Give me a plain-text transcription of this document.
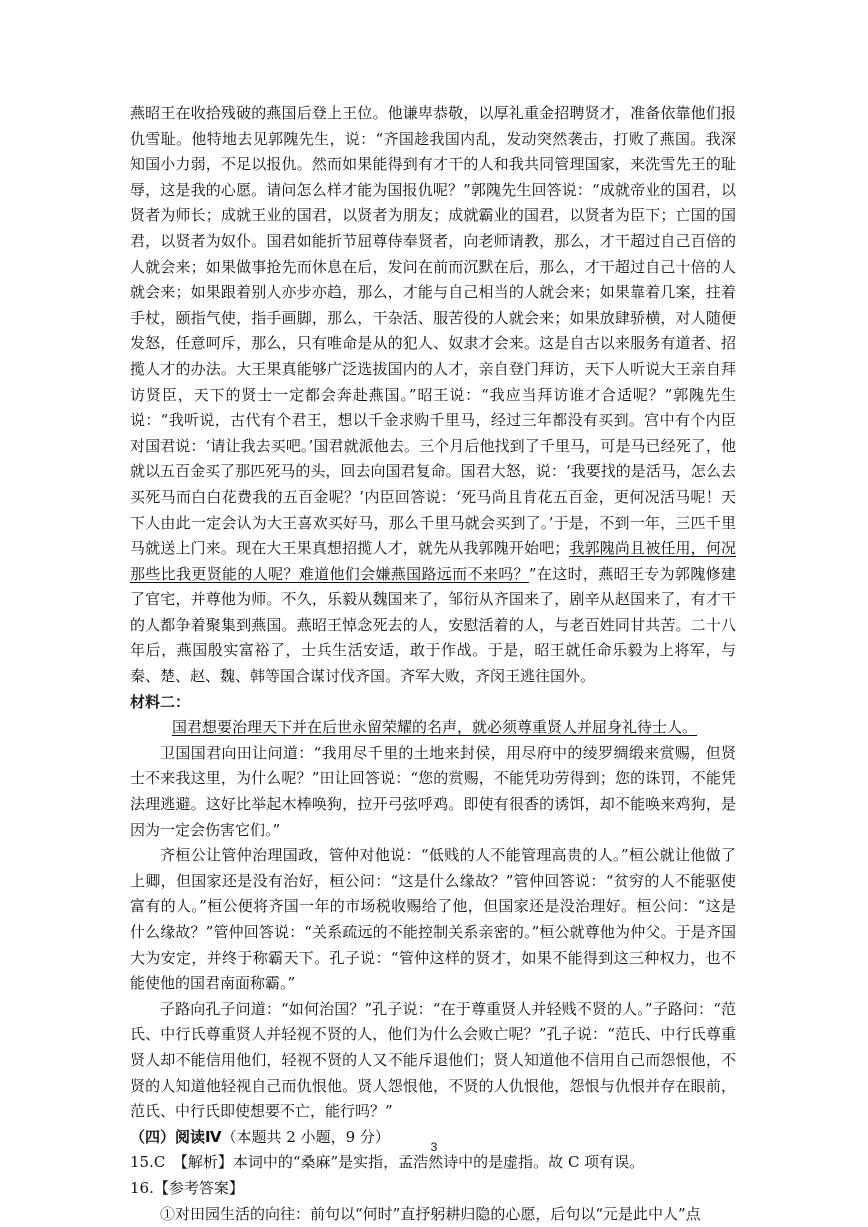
燕昭王在收拾残破的燕国后登上王位。他谦卑恭敬，以厚礼重金招聘贤才，准备依靠他们报仇雪耻。他特地去见郭隗先生，说：“齐国趁我国内乱，发动突然袭击，打败了燕国。我深知国小力弱，不足以报仇。然而如果能得到有才干的人和我共同管理国家，来洗雪先王的耻辱，这是我的心愿。请问怎么样才能为国报仇呢？”郭隗先生回答说：“成就帝业的国君，以贤者为师长；成就王业的国君，以贤者为朋友；成就霸业的国君，以贤者为臣下；亡国的国君，以贤者为奴仆。国君如能折节屈尊侍奉贤者，向老师请教，那么，才干超过自己百倍的人就会来；如果做事抢先而休息在后，发问在前而沉默在后，那么，才干超过自己十倍的人就会来；如果跟着别人亦步亦趋，那么，才能与自己相当的人就会来；如果靠着几案，拄着手杖，颐指气使，指手画脚，那么，干杂活、服苦役的人就会来；如果放肆骄横，对人随便发怒，任意呵斥，那么，只有唯命是从的犯人、奴隶才会来。这是自古以来服务有道者、招揽人才的办法。大王果真能够广泛选拔国内的人才，亲自登门拜访，天下人听说大王亲自拜访贤臣，天下的贤士一定都会奔赴燕国。”昭王说：“我应当拜访谁才合适呢？”郭隗先生说：“我听说，古代有个君王，想以千金求购千里马，经过三年都没有买到。宫中有个内臣对国君说：‘请让我去买吧。’国君就派他去。三个月后他找到了千里马，可是马已经死了，他就以五百金买了那匹死马的头，回去向国君复命。国君大怒，说：‘我要找的是活马，怎么去买死马而白白花费我的五百金呢？’内臣回答说：‘死马尚且肯花五百金，更何况活马呢！天下人由此一定会认为大王喜欢买好马，那么千里马就会买到了。’于是，不到一年，三匹千里马就送上门来。现在大王果真想招揽人才，就先从我郭隗开始吧；我郭隗尚且被任用，何况那些比我更贤能的人呢？难道他们会嫌燕国路远而不来吗？”在这时，燕昭王专为郭隗修建了官宅，并尊他为师。不久，乐毅从魏国来了，邹衍从齐国来了，剧辛从赵国来了，有才干的人都争着聚集到燕国。燕昭王悼念死去的人，安慰活着的人，与老百姓同甘共苦。二十八年后，燕国殷实富裕了，士兵生活安适，敢于作战。于是，昭王就任命乐毅为上将军，与秦、楚、赵、魏、韩等国合谋讨伐齐国。齐军大败，齐闵王逃往国外。

材料二：

国君想要治理天下并在后世永留荣耀的名声，就必须尊重贤人并屈身礼待士人。

卫国国君向田让问道：“我用尽千里的土地来封侯，用尽府中的绫罗绸缎来赏赐，但贤士不来我这里，为什么呢？”田让回答说：“您的赏赐，不能凭功劳得到；您的诛罚，不能凭法理逃避。这好比举起木棒唤狗，拉开弓弦呼鸡。即使有很香的诱饵，却不能唤来鸡狗，是因为一定会伤害它们。”

齐桓公让管仲治理国政，管仲对他说：“低贱的人不能管理高贵的人。”桓公就让他做了上卿，但国家还是没有治好，桓公问：“这是什么缘故？”管仲回答说：“贫穷的人不能驱使富有的人。”桓公便将齐国一年的市场税收赐给了他，但国家还是没治理好。桓公问：“这是什么缘故？”管仲回答说：“关系疏远的不能控制关系亲密的。”桓公就尊他为仲父。于是齐国大为安定，并终于称霸天下。孔子说：“管仲这样的贤才，如果不能得到这三种权力，也不能使他的国君南面称霸。”

子路向孔子问道：“如何治国？”孔子说：“在于尊重贤人并轻贱不贤的人。”子路问：“范氏、中行氏尊重贤人并轻视不贤的人，他们为什么会败亡呢？”孔子说：“范氏、中行氏尊重贤人却不能信用他们，轻视不贤的人又不能斥退他们；贤人知道他不信用自己而怨恨他，不贤的人知道他轻视自己而仇恨他。贤人怨恨他，不贤的人仇恨他，怨恨与仇恨并存在眼前，范氏、中行氏即使想要不亡，能行吗？”

（四）阅读Ⅳ（本题共 2 小题，9 分）

15.C　【解析】本词中的“桑麻”是实指，孟浩然诗中的是虚指。故 C 项有误。

16.【参考答案】

①对田园生活的向往：前句以“何时”直抒躬耕归隐的心愿，后句以“元是此中人”点

3
